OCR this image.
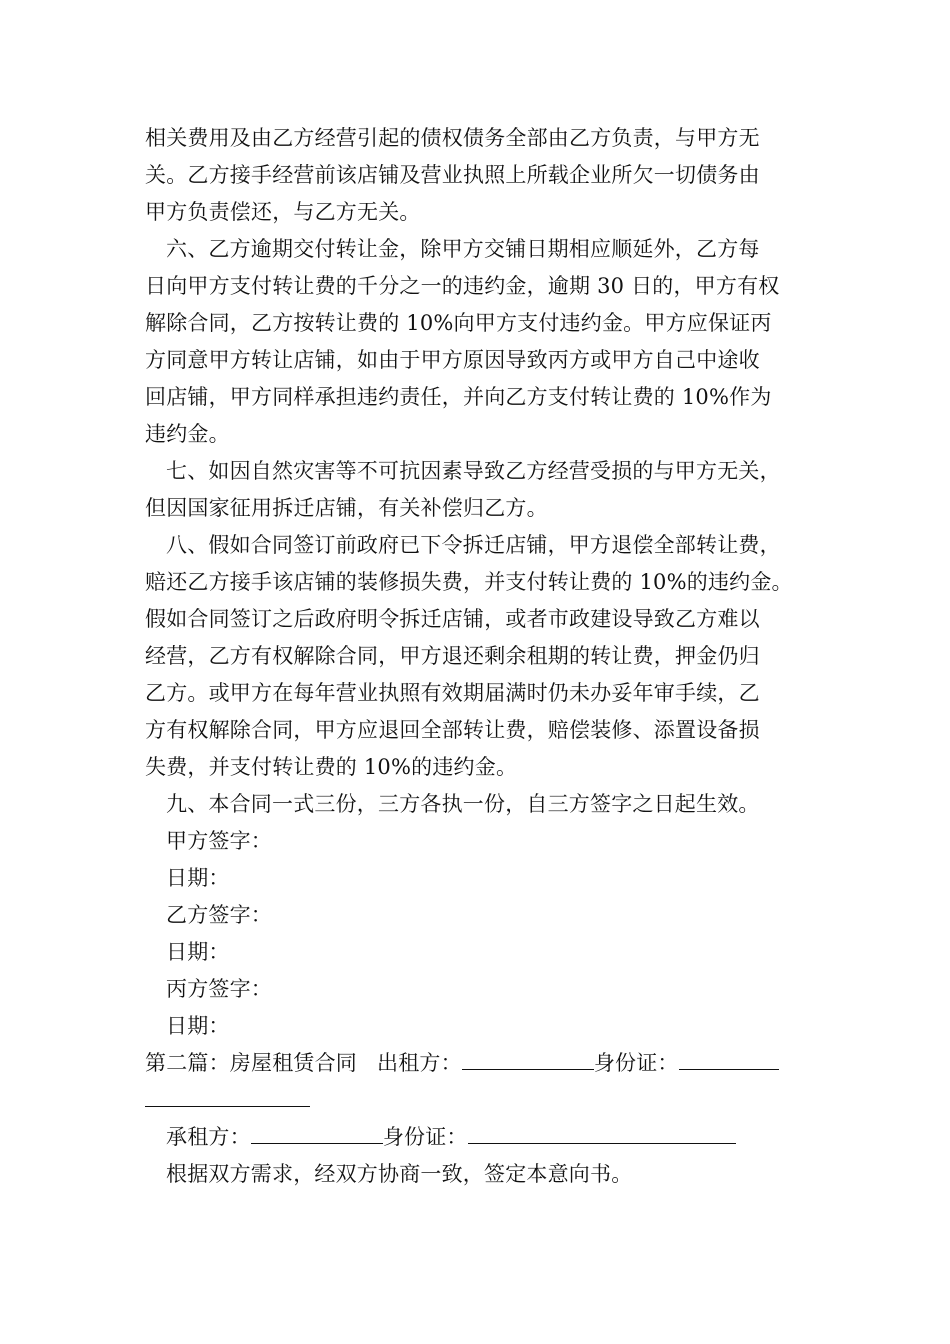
相关费用及由乙方经营引起的债权债务全部由乙方负责，与甲方无
关。乙方接手经营前该店铺及营业执照上所载企业所欠一切债务由
甲方负责偿还，与乙方无关。
六、乙方逾期交付转让金，除甲方交铺日期相应顺延外，乙方每
日向甲方支付转让费的千分之一的违约金，逾期 30 日的，甲方有权
解除合同，乙方按转让费的 10%向甲方支付违约金。甲方应保证丙
方同意甲方转让店铺，如由于甲方原因导致丙方或甲方自己中途收
回店铺，甲方同样承担违约责任，并向乙方支付转让费的 10%作为
违约金。
七、如因自然灾害等不可抗因素导致乙方经营受损的与甲方无关，
但因国家征用拆迁店铺，有关补偿归乙方。
八、假如合同签订前政府已下令拆迁店铺，甲方退偿全部转让费，
赔还乙方接手该店铺的装修损失费，并支付转让费的 10%的违约金。
假如合同签订之后政府明令拆迁店铺，或者市政建设导致乙方难以
经营，乙方有权解除合同，甲方退还剩余租期的转让费，押金仍归
乙方。或甲方在每年营业执照有效期届满时仍未办妥年审手续，乙
方有权解除合同，甲方应退回全部转让费，赔偿装修、添置设备损
失费，并支付转让费的 10%的违约金。
九、本合同一式三份，三方各执一份，自三方签字之日起生效。
甲方签字：
日期：
乙方签字：
日期：
丙方签字：
日期：
第二篇：房屋租赁合同 出租方：	身份证：
承租方：	身份证：
根据双方需求，经双方协商一致，签定本意向书。
